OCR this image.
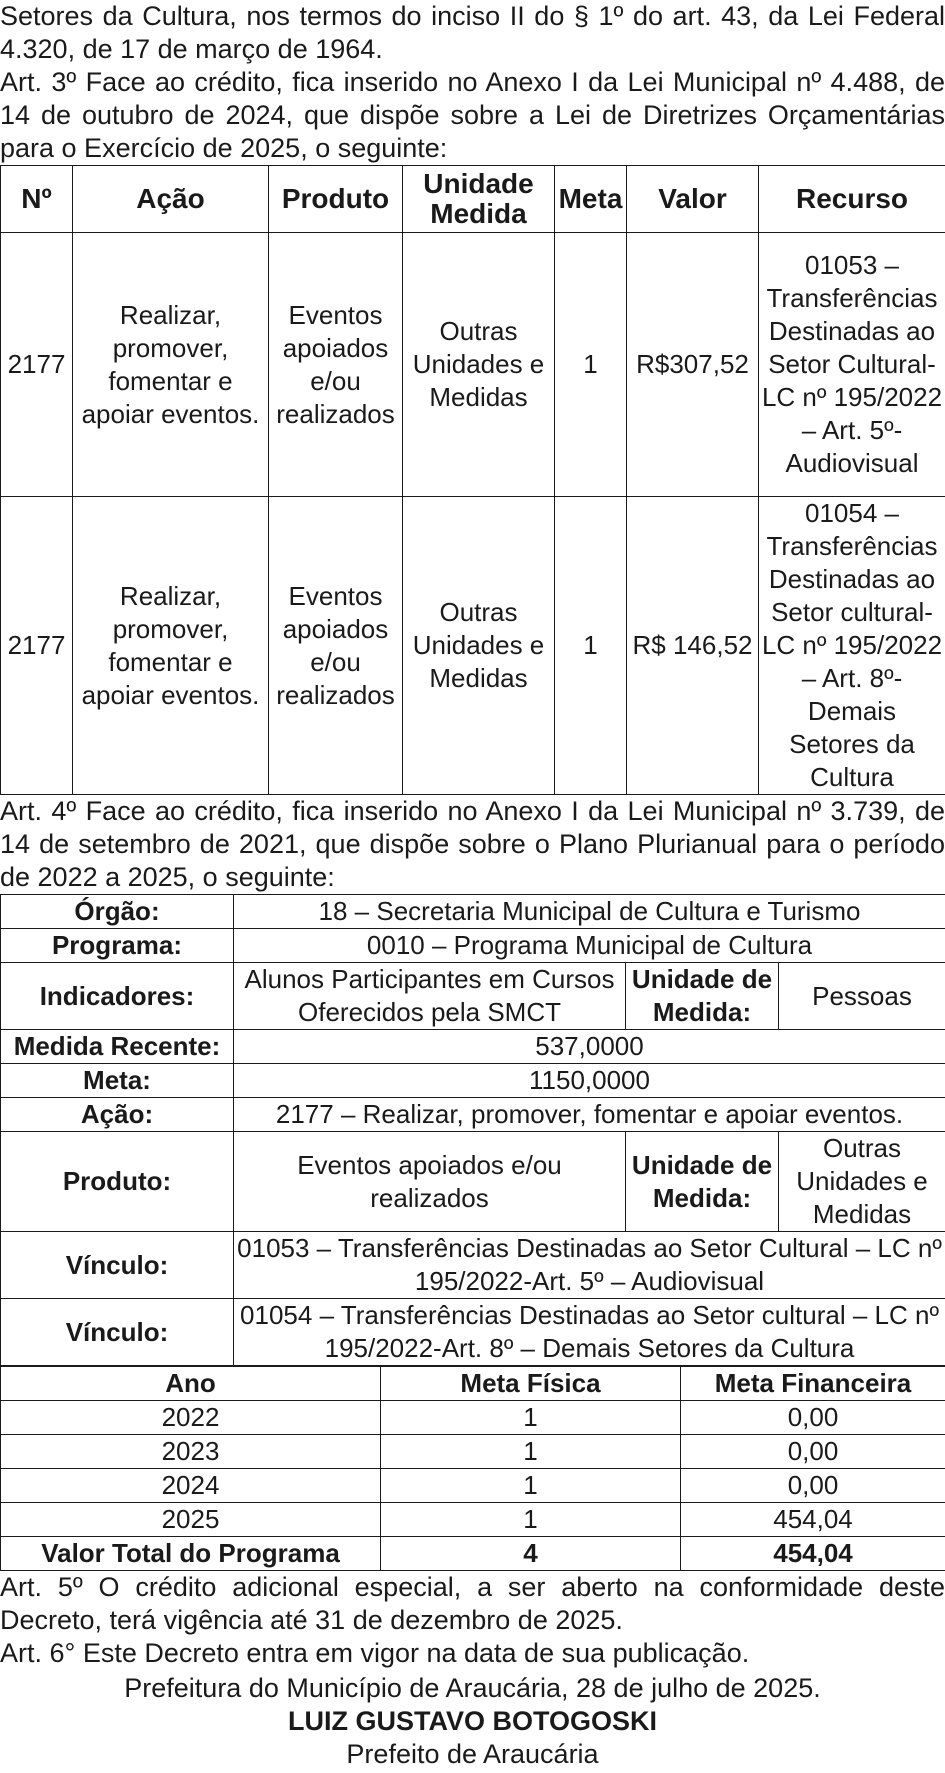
Setores da Cultura, nos termos do inciso II do § 1º do art. 43, da Lei Federal 4.320, de 17 de março de 1964.

Art. 3º Face ao crédito, fica inserido no Anexo I da Lei Municipal nº 4.488, de 14 de outubro de 2024, que dispõe sobre a Lei de Diretrizes Orçamentárias para o Exercício de 2025, o seguinte:

Nº	Ação	Produto	Unidade Medida	Meta	Valor	Recurso
2177	Realizar, promover, fomentar e apoiar eventos.	Eventos apoiados e/ou realizados	Outras Unidades e Medidas	1	R$307,52	01053 – Transferências Destinadas ao Setor Cultural-LC nº 195/2022 – Art. 5º-Audiovisual
2177	Realizar, promover, fomentar e apoiar eventos.	Eventos apoiados e/ou realizados	Outras Unidades e Medidas	1	R$ 146,52	01054 – Transferências Destinadas ao Setor cultural-LC nº 195/2022 – Art. 8º-Demais Setores da Cultura

Art. 4º Face ao crédito, fica inserido no Anexo I da Lei Municipal nº 3.739, de 14 de setembro de 2021, que dispõe sobre o Plano Plurianual para o período de 2022 a 2025, o seguinte:

Órgão:	18 – Secretaria Municipal de Cultura e Turismo		
Programa:	0010 – Programa Municipal de Cultura		
Indicadores:	Alunos Participantes em Cursos Oferecidos pela SMCT	Unidade de Medida:	Pessoas
Medida Recente:	537,0000		
Meta:	1150,0000		
Ação:	2177 – Realizar, promover, fomentar e apoiar eventos.		
Produto:	Eventos apoiados e/ou realizados	Unidade de Medida:	Outras Unidades e Medidas
Vínculo:	01053 – Transferências Destinadas ao Setor Cultural – LC nº 195/2022-Art. 5º – Audiovisual		
Vínculo:	01054 – Transferências Destinadas ao Setor cultural – LC nº 195/2022-Art. 8º – Demais Setores da Cultura		
Ano	Meta Física	Meta Financeira
2022	1	0,00
2023	1	0,00
2024	1	0,00
2025	1	454,04
Valor Total do Programa	4	454,04

Art. 5º O crédito adicional especial, a ser aberto na conformidade deste Decreto, terá vigência até 31 de dezembro de 2025.

Art. 6° Este Decreto entra em vigor na data de sua publicação.

Prefeitura do Município de Araucária, 28 de julho de 2025.

LUIZ GUSTAVO BOTOGOSKI

Prefeito de Araucária
